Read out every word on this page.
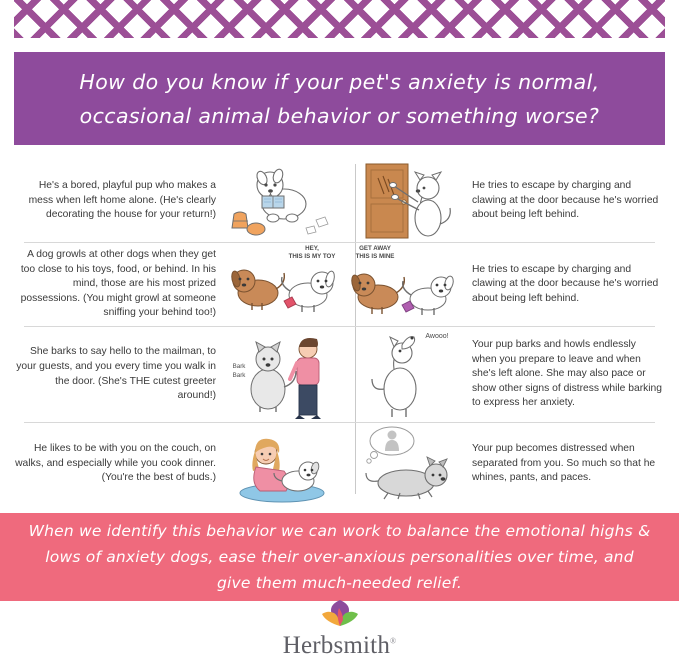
How do you know if your pet's anxiety is normal, occasional animal behavior or something worse?
He's a bored, playful pup who makes a mess when left home alone. (He's clearly decorating the house for your return!)
He tries to escape by charging and clawing at the door because he's worried about being left behind.
A dog growls at other dogs when they get too close to his toys, food, or behind. In his mind, those are his most prized possessions. (You might growl at someone sniffing your behind too!)
HEY,
THIS IS MY TOY
GET AWAY
THIS IS MINE
He tries to escape by charging and clawing at the door because he's worried about being left behind.
She barks to say hello to the mailman, to your guests, and you every time you walk in the door. (She's THE cutest greeter around!)
Bark
Bark
Awooo!
Your pup barks and howls endlessly when you prepare to leave and when she's left alone. She may also pace or show other signs of distress while barking to express her anxiety.
He likes to be with you on the couch, on walks, and especially while you cook dinner. (You're the best of buds.)
Your pup becomes distressed when separated from you. So much so that he whines, pants, and paces.
When we identify this behavior we can work to balance the emotional highs & lows of anxiety dogs, ease their over-anxious personalities over time, and give them much-needed relief.
Herbsmith®
